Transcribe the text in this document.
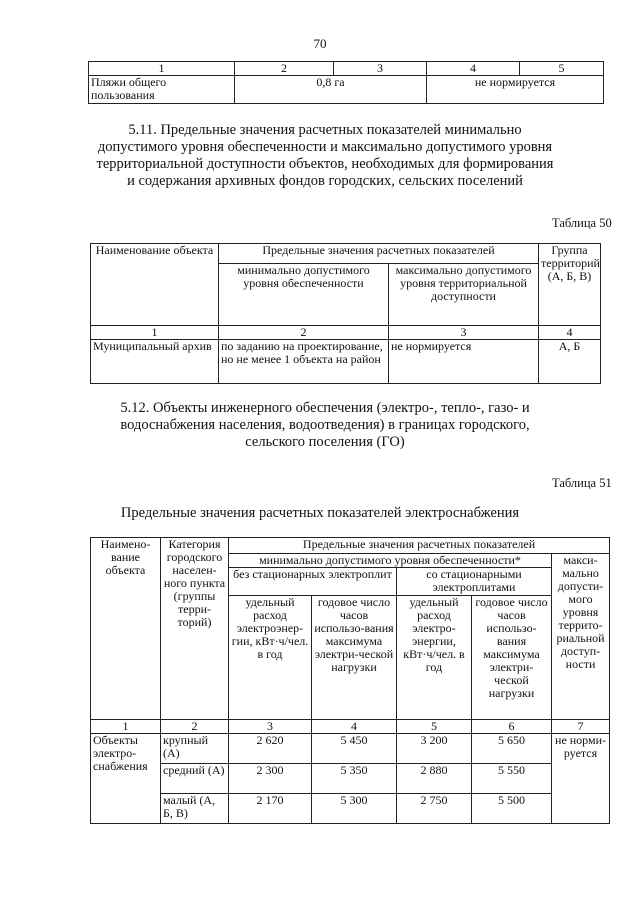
70
1	2	3	4	5
Пляжи общего пользования	0,8 га		не нормируется	
5.11. Предельные значения расчетных показателей минимально допустимого уровня обеспеченности и максимально допустимого уровня территориальной доступности объектов, необходимых для формирования и содержания архивных фондов городских, сельских поселений
Таблица 50
Наименование объекта	Предельные значения расчетных показателей		Группа территорий (А, Б, В)
	минимально допустимого уровня обеспеченности	максимально допустимого уровня территориальной доступности	
1	2	3	4
Муниципальный архив	по заданию на проектирование, но не менее 1 объекта на район	не нормируется	А, Б
5.12. Объекты инженерного обеспечения (электро-, тепло-, газо- и водоснабжения населения, водоотведения) в границах городского, сельского поселения (ГО)
Таблица 51
Предельные значения расчетных показателей электроснабжения
Наимено-вание объекта	Категория городского населен-ного пункта (группы терри-торий)	Предельные значения расчетных показателей				
		минимально допустимого уровня обеспеченности*				макси-мально допусти-мого уровня террито-риальной доступ-ности
		без стационарных электроплит		со стационарными электроплитами		
		удельный расход электроэнер-гии, кВт·ч/чел. в год	годовое число часов использо-вания максимума электри-ческой нагрузки	удельный расход электро-энергии, кВт·ч/чел. в год	годовое число часов использо-вания максимума электри-ческой нагрузки	
1	2	3	4	5	6	7
Объекты электро-снабжения	крупный (А)	2 620	5 450	3 200	5 650	не норми-руется
	средний (А)	2 300	5 350	2 880	5 550	
	малый (А, Б, В)	2 170	5 300	2 750	5 500	
